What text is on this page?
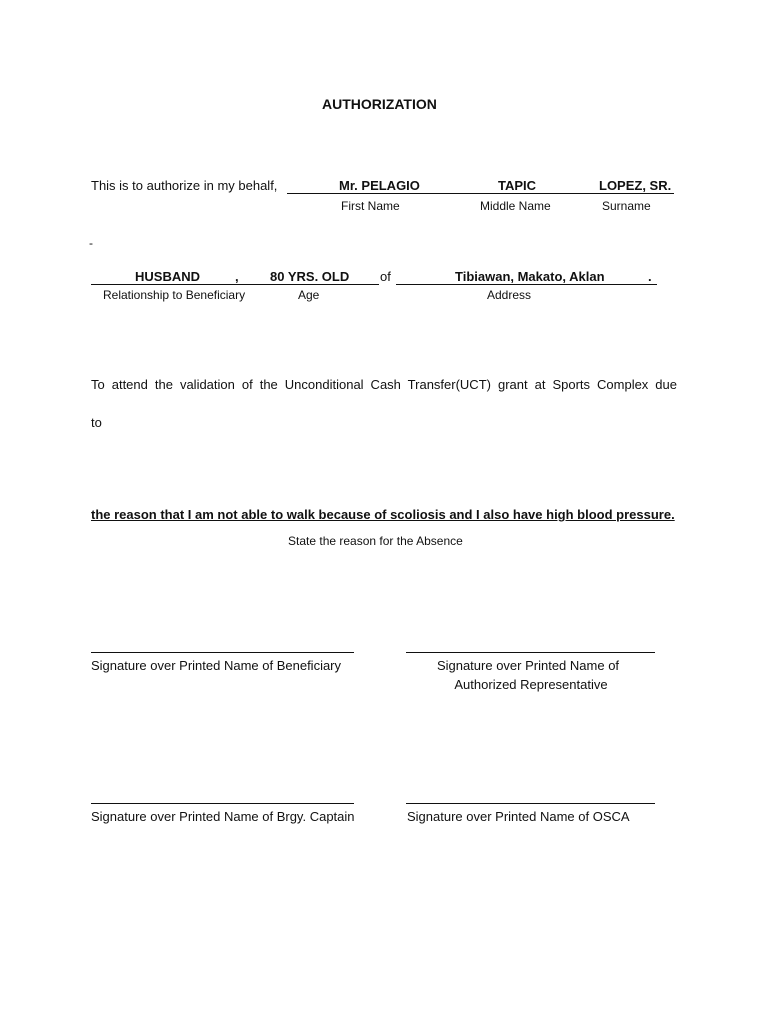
AUTHORIZATION
This is to authorize in my behalf,	Mr. PELAGIO	TAPIC	LOPEZ, SR.
First Name	Middle Name	Surname
-
HUSBAND	, 80 YRS. OLD of	Tibiawan, Makato, Aklan	.
Relationship to Beneficiary	Age	Address
To attend the validation of the Unconditional Cash Transfer(UCT) grant at Sports Complex due
to
the reason that I am not able to walk because of scoliosis and I also have high blood pressure.
State the reason for the Absence
Signature over Printed Name of Beneficiary	Signature over Printed Name of
Authorized Representative
Signature over Printed Name of Brgy. Captain	Signature over Printed Name of OSCA
